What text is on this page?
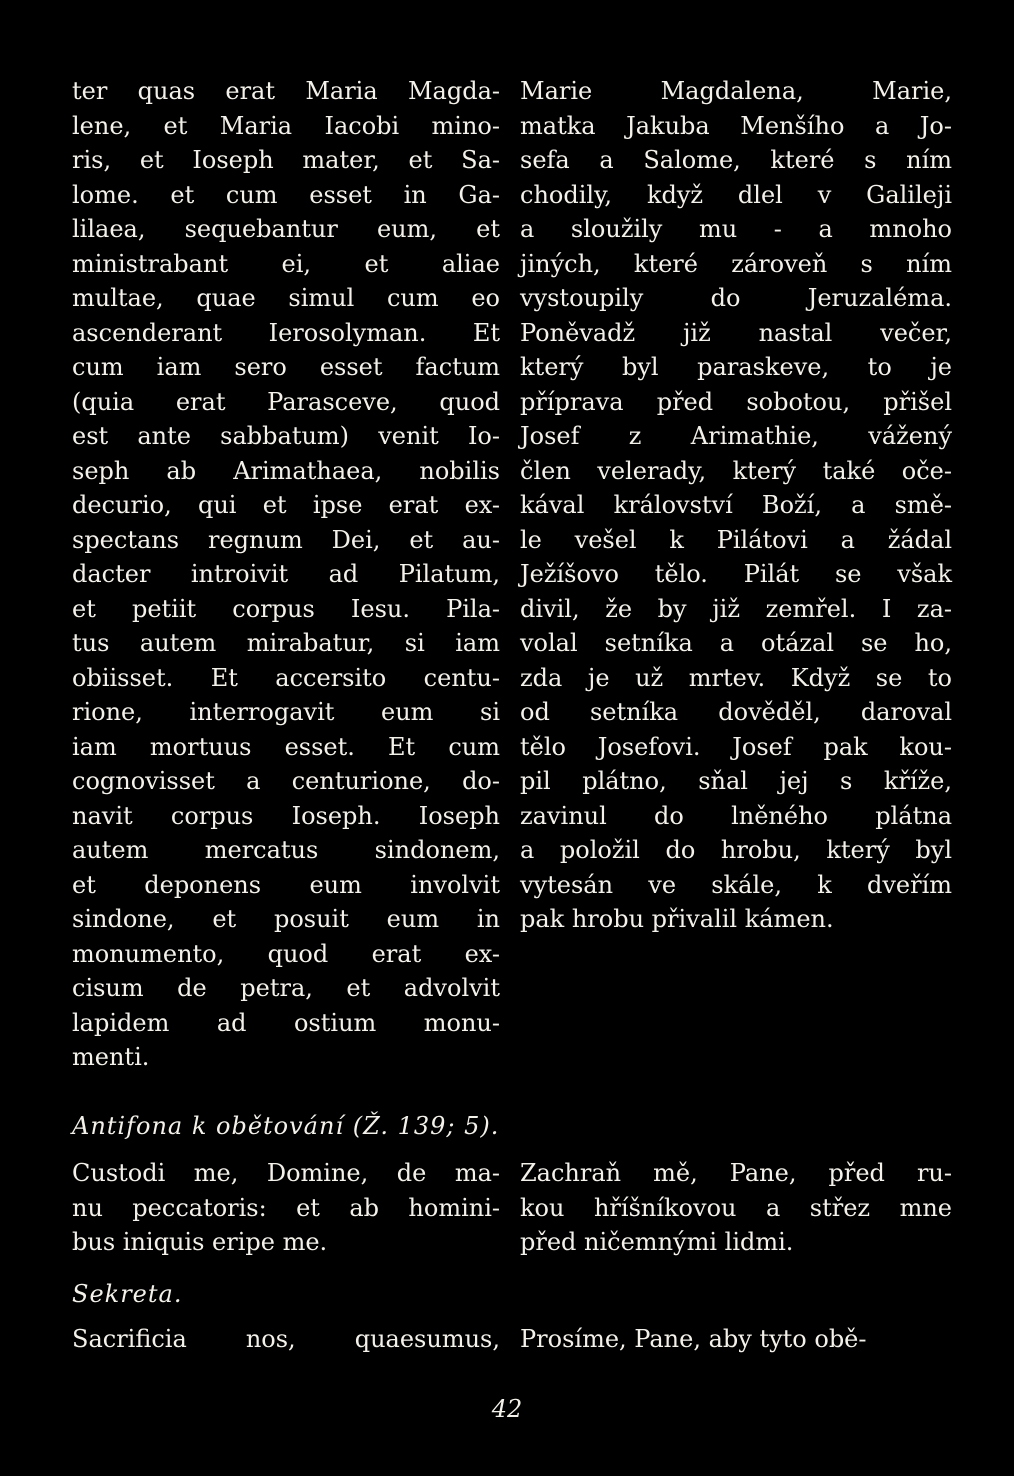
ter quas erat Maria Magda-
lene, et Maria Iacobi mino-
ris, et Ioseph mater, et Sa-
lome. et cum esset in Ga-
lilaea, sequebantur eum, et
ministrabant ei, et aliae
multae, quae simul cum eo
ascenderant Ierosolyman. Et
cum iam sero esset factum
(quia erat Parasceve, quod
est ante sabbatum) venit Io-
seph ab Arimathaea, nobilis
decurio, qui et ipse erat ex-
spectans regnum Dei, et au-
dacter introivit ad Pilatum,
et petiit corpus Iesu. Pila-
tus autem mirabatur, si iam
obiisset. Et accersito centu-
rione, interrogavit eum si
iam mortuus esset. Et cum
cognovisset a centurione, do-
navit corpus Ioseph. Ioseph
autem mercatus sindonem,
et deponens eum involvit
sindone, et posuit eum in
monumento, quod erat ex-
cisum de petra, et advolvit
lapidem ad ostium monu-
menti.
Marie Magdalena, Marie,
matka Jakuba Menšího a Jo-
sefa a Salome, které s ním
chodily, když dlel v Galileji
a sloužily mu - a mnoho
jiných, které zároveň s ním
vystoupily do Jeruzaléma.
Poněvadž již nastal večer,
který byl paraskeve, to je
příprava před sobotou, přišel
Josef z Arimathie, vážený
člen velerady, který také oče-
kával království Boží, a smě-
le vešel k Pilátovi a žádal
Ježíšovo tělo. Pilát se však
divil, že by již zemřel. I za-
volal setníka a otázal se ho,
zda je už mrtev. Když se to
od setníka dověděl, daroval
tělo Josefovi. Josef pak kou-
pil plátno, sňal jej s kříže,
zavinul do lněného plátna
a položil do hrobu, který byl
vytesán ve skále, k dveřím
pak hrobu přivalil kámen.
Antifona k obětování (Ž. 139; 5).
Custodi me, Domine, de ma-
nu peccatoris: et ab homini-
bus iniquis eripe me.
Zachraň mě, Pane, před ru-
kou hříšníkovou a střez mne
před ničemnými lidmi.
Sekreta.
Sacrificia nos, quaesumus, Prosíme, Pane, aby tyto obě-
42
